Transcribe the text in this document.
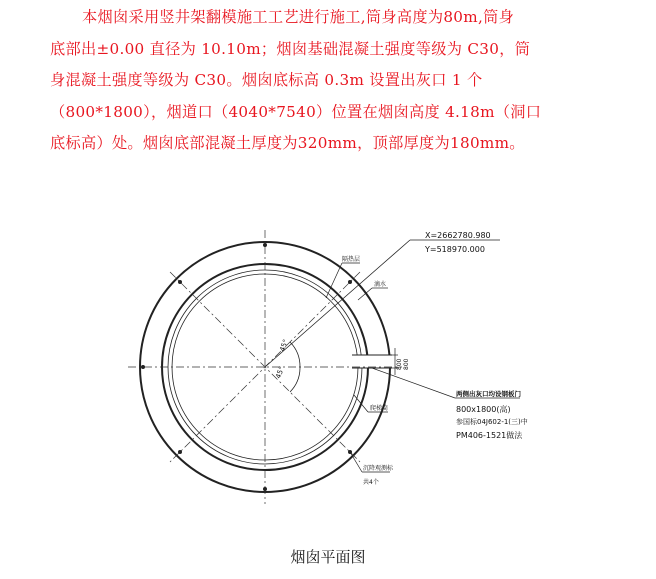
本烟囱采用竖井架翻模施工工艺进行施工,筒身高度为80m,筒身
底部出±0.00 直径为 10.10m；烟囱基础混凝土强度等级为 C30，筒
身混凝土强度等级为 C30。烟囱底标高 0.3m 设置出灰口 1 个
（800*1800），烟道口（4040*7540）位置在烟囱高度 4.18m（洞口
底标高）处。烟囱底部混凝土厚度为320mm，顶部厚度为180mm。
45°
45°
X=2662780.980
Y=518970.000
隔热层
滴水
800 800
两侧出灰口均设钢板门
800x1800(高)
参国标04J602-1(三)中
PM406-1521做法
爬梯筒
沉降观测标
共4个
烟囱平面图
